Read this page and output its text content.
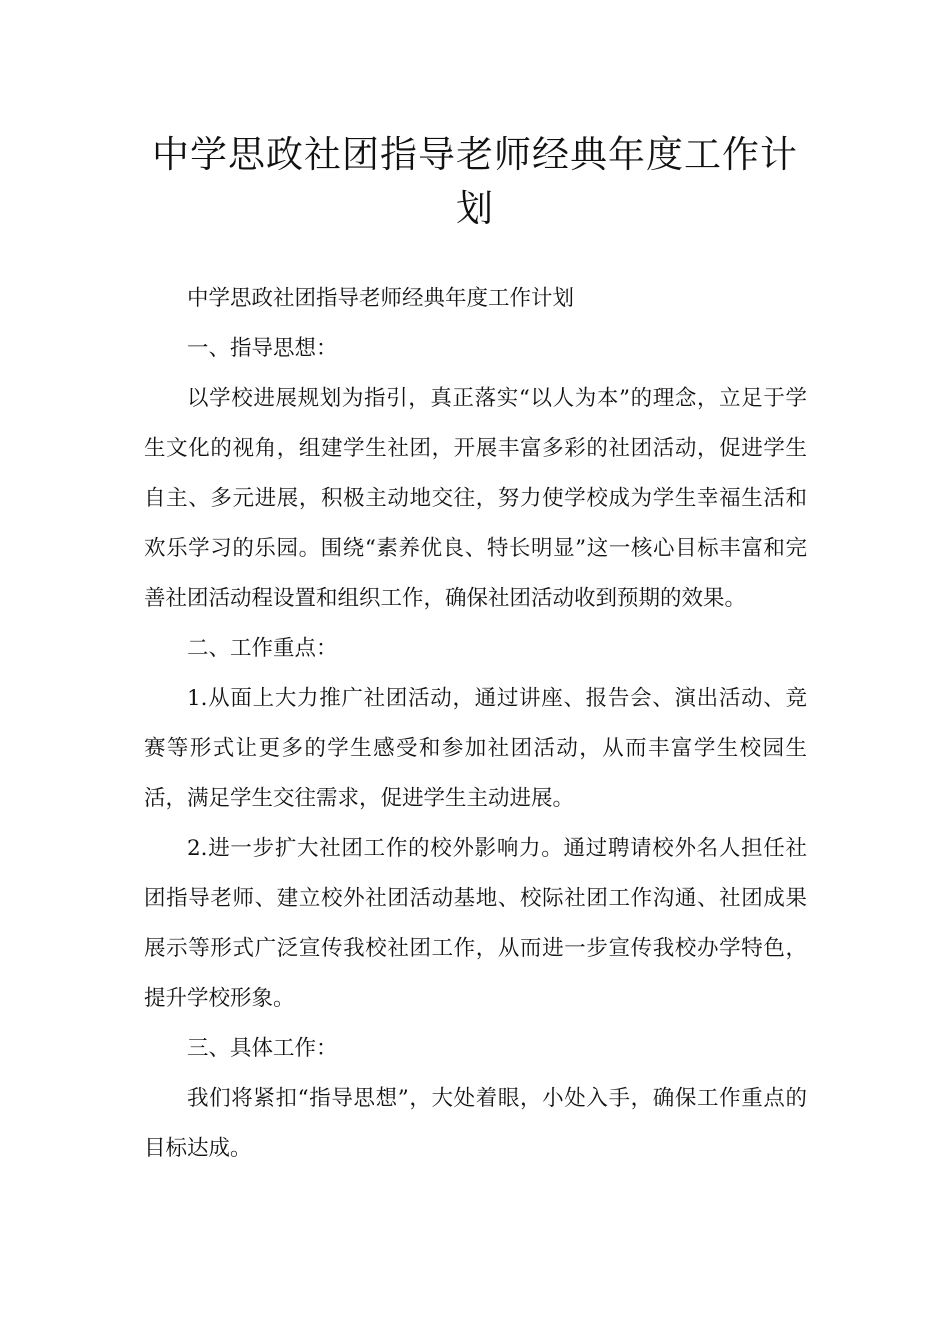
中学思政社团指导老师经典年度工作计划

中学思政社团指导老师经典年度工作计划

一、指导思想：

以学校进展规划为指引，真正落实“以人为本”的理念，立足于学生文化的视角，组建学生社团，开展丰富多彩的社团活动，促进学生自主、多元进展，积极主动地交往，努力使学校成为学生幸福生活和欢乐学习的乐园。围绕“素养优良、特长明显”这一核心目标丰富和完善社团活动程设置和组织工作，确保社团活动收到预期的效果。

二、工作重点：

1.从面上大力推广社团活动，通过讲座、报告会、演出活动、竞赛等形式让更多的学生感受和参加社团活动，从而丰富学生校园生活，满足学生交往需求，促进学生主动进展。

2.进一步扩大社团工作的校外影响力。通过聘请校外名人担任社团指导老师、建立校外社团活动基地、校际社团工作沟通、社团成果展示等形式广泛宣传我校社团工作，从而进一步宣传我校办学特色，提升学校形象。

三、具体工作：

我们将紧扣“指导思想”，大处着眼，小处入手，确保工作重点的目标达成。
